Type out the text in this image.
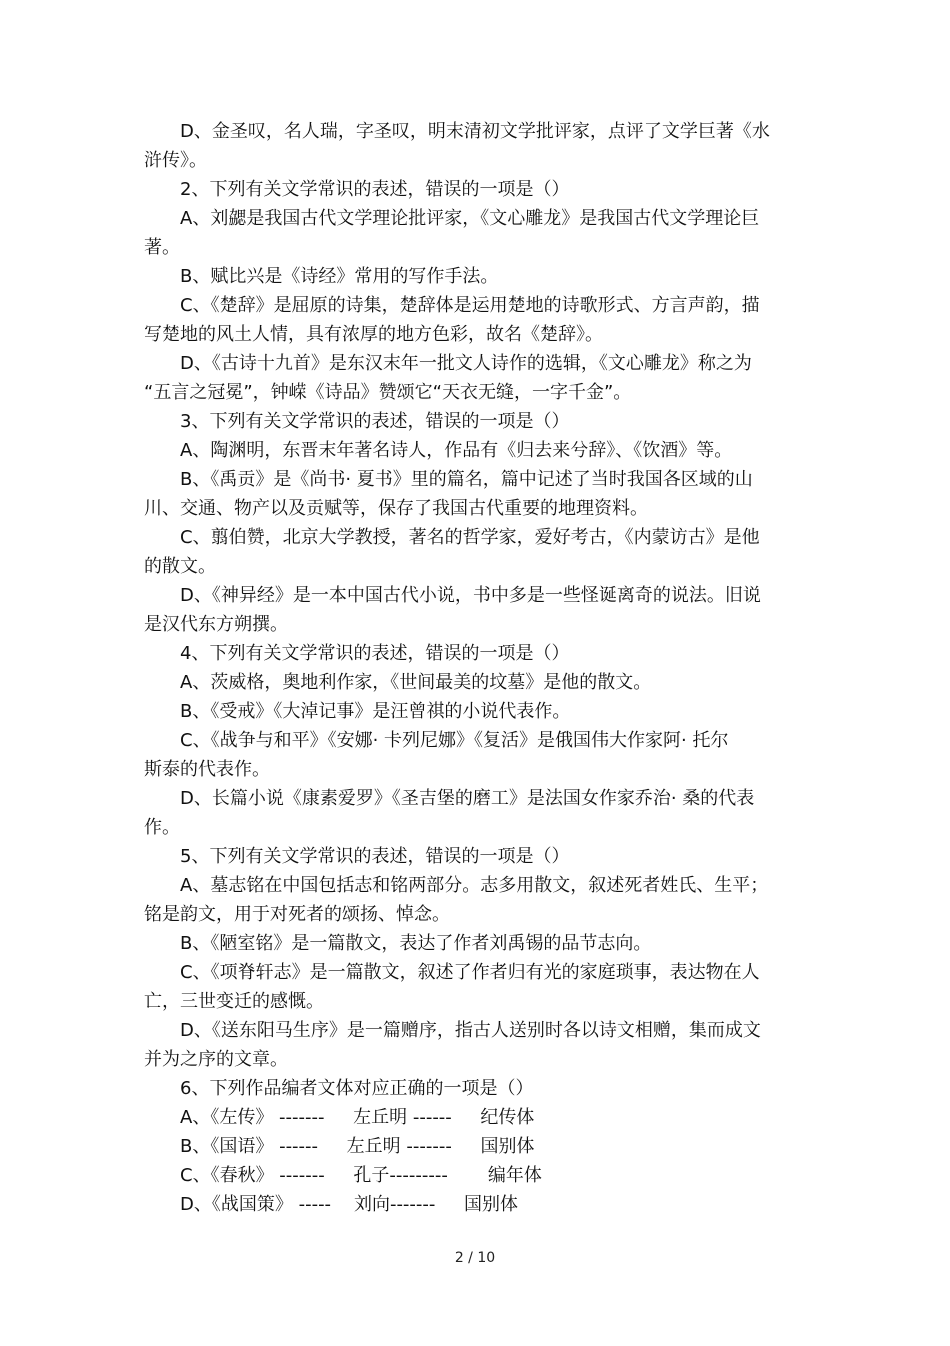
D、金圣叹，名人瑞，字圣叹，明末清初文学批评家，点评了文学巨著《水
浒传》。
2、下列有关文学常识的表述，错误的一项是（）
A、刘勰是我国古代文学理论批评家，《文心雕龙》是我国古代文学理论巨
著。
B、赋比兴是《诗经》常用的写作手法。
C、《楚辞》是屈原的诗集，楚辞体是运用楚地的诗歌形式、方言声韵，描
写楚地的风土人情，具有浓厚的地方色彩，故名《楚辞》。
D、《古诗十九首》是东汉末年一批文人诗作的选辑，《文心雕龙》称之为
“五言之冠冕”，钟嵘《诗品》赞颂它“天衣无缝，一字千金”。
3、下列有关文学常识的表述，错误的一项是（）
A、陶渊明，东晋末年著名诗人，作品有《归去来兮辞》、《饮酒》等。
B、《禹贡》是《尚书· 夏书》里的篇名，篇中记述了当时我国各区域的山
川、交通、物产以及贡赋等，保存了我国古代重要的地理资料。
C、翦伯赞，北京大学教授，著名的哲学家，爱好考古，《内蒙访古》是他
的散文。
D、《神异经》是一本中国古代小说，书中多是一些怪诞离奇的说法。旧说
是汉代东方朔撰。
4、下列有关文学常识的表述，错误的一项是（）
A、茨威格，奥地利作家，《世间最美的坟墓》是他的散文。
B、《受戒》《大淖记事》是汪曾祺的小说代表作。
C、《战争与和平》《安娜· 卡列尼娜》《复活》是俄国伟大作家阿· 托尔
斯泰的代表作。
D、长篇小说《康素爱罗》《圣吉堡的磨工》是法国女作家乔治· 桑的代表
作。
5、下列有关文学常识的表述，错误的一项是（）
A、墓志铭在中国包括志和铭两部分。志多用散文，叙述死者姓氏、生平；
铭是韵文，用于对死者的颂扬、悼念。
B、《陋室铭》是一篇散文，表达了作者刘禹锡的品节志向。
C、《项脊轩志》是一篇散文，叙述了作者归有光的家庭琐事，表达物在人
亡，三世变迁的感慨。
D、《送东阳马生序》是一篇赠序，指古人送别时各以诗文相赠，集而成文
并为之序的文章。
6、下列作品编者文体对应正确的一项是（）
A、《左传》 -------     左丘明 ------     纪传体
B、《国语》 ------     左丘明 -------     国别体
C、《春秋》 -------     孔子---------       编年体
D、《战国策》 -----    刘向-------     国别体
2 / 10
